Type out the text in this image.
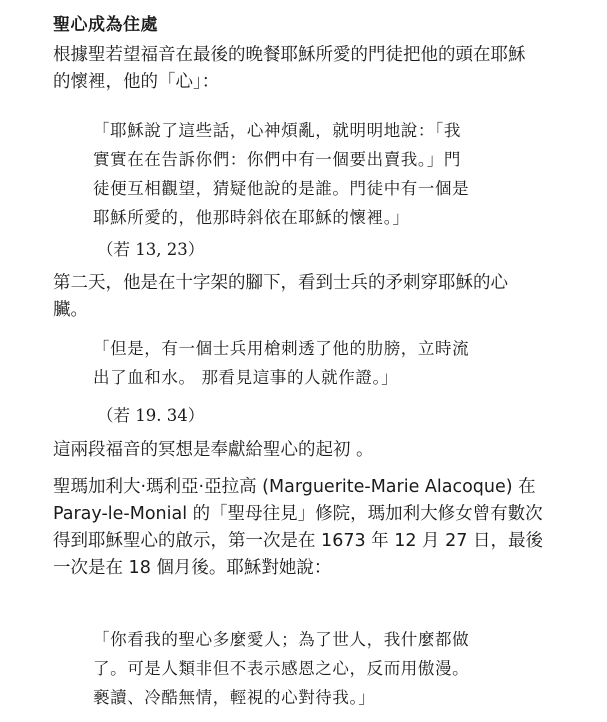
聖心成為住處

根據聖若望福音在最後的晚餐耶穌所愛的門徒把他的頭在耶穌
的懷裡，他的「心」：

「耶穌說了這些話，心神煩亂，就明明地說：「我
實實在在告訴你們：你們中有一個要出賣我。」門
徒便互相觀望，猜疑他說的是誰。門徒中有一個是
耶穌所愛的，他那時斜依在耶穌的懷裡。」

（若 13, 23）

第二天，他是在十字架的腳下，看到士兵的矛刺穿耶穌的心
臟。

「但是，有一個士兵用槍刺透了他的肋膀，立時流
出了血和水。 那看見這事的人就作證。」

（若 19. 34）

這兩段福音的冥想是奉獻給聖心的起初 。

聖瑪加利大·瑪利亞·亞拉高 (Marguerite-Marie Alacoque) 在
Paray-le-Monial 的「聖母往見」修院，瑪加利大修女曾有數次
得到耶穌聖心的啟示，第一次是在 1673 年 12 月 27 日，最後
一次是在 18 個月後。耶穌對她說：

「你看我的聖心多麼愛人；為了世人，我什麼都做
了。可是人類非但不表示感恩之心，反而用傲漫。
褻讀、冷酷無情，輕視的心對待我。」
